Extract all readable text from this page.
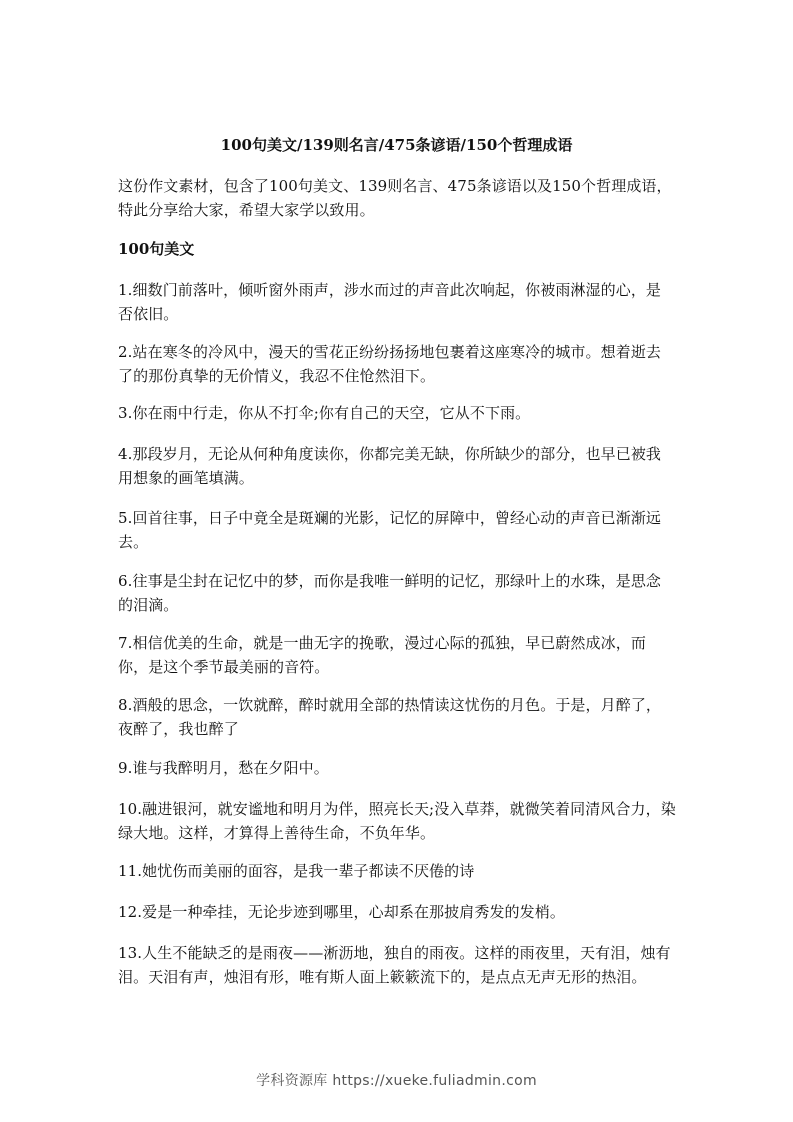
100句美文/139则名言/475条谚语/150个哲理成语
这份作文素材，包含了100句美文、139则名言、475条谚语以及150个哲理成语，特此分享给大家，希望大家学以致用。
100句美文
1.细数门前落叶，倾听窗外雨声，涉水而过的声音此次响起，你被雨淋湿的心，是否依旧。
2.站在寒冬的冷风中，漫天的雪花正纷纷扬扬地包裹着这座寒冷的城市。想着逝去了的那份真挚的无价情义，我忍不住怆然泪下。
3.你在雨中行走，你从不打伞;你有自己的天空，它从不下雨。
4.那段岁月，无论从何种角度读你，你都完美无缺，你所缺少的部分，也早已被我用想象的画笔填满。
5.回首往事，日子中竟全是斑斓的光影，记忆的屏障中，曾经心动的声音已渐渐远去。
6.往事是尘封在记忆中的梦，而你是我唯一鲜明的记忆，那绿叶上的水珠，是思念的泪滴。
7.相信优美的生命，就是一曲无字的挽歌，漫过心际的孤独，早已蔚然成冰，而你，是这个季节最美丽的音符。
8.酒般的思念，一饮就醉，醉时就用全部的热情读这忧伤的月色。于是，月醉了，夜醉了，我也醉了
9.谁与我醉明月，愁在夕阳中。
10.融进银河，就安谧地和明月为伴，照亮长天;没入草莽，就微笑着同清风合力，染绿大地。这样，才算得上善待生命，不负年华。
11.她忧伤而美丽的面容，是我一辈子都读不厌倦的诗
12.爱是一种牵挂，无论步迹到哪里，心却系在那披肩秀发的发梢。
13.人生不能缺乏的是雨夜——淅沥地，独自的雨夜。这样的雨夜里，天有泪，烛有泪。天泪有声，烛泪有形，唯有斯人面上簌簌流下的，是点点无声无形的热泪。
学科资源库 https://xueke.fuliadmin.com
